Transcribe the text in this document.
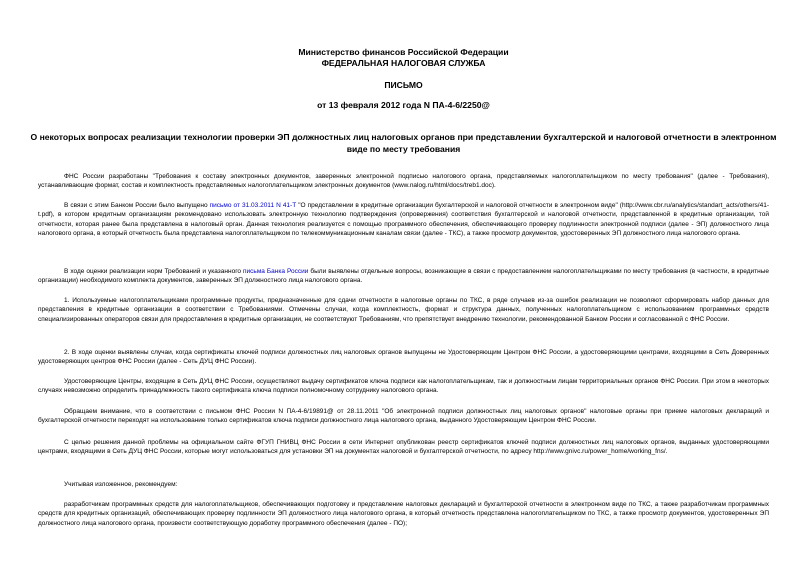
Министерство финансов Российской Федерации
ФЕДЕРАЛЬНАЯ НАЛОГОВАЯ СЛУЖБА
ПИСЬМО
от 13 февраля 2012 года N ПА-4-6/2250@
О некоторых вопросах реализации технологии проверки ЭП должностных лиц налоговых органов при представлении бухгалтерской и налоговой отчетности в электронном виде по месту требования
ФНС России разработаны "Требования к составу электронных документов, заверенных электронной подписью налогового органа, представляемых налогоплательщиком по месту требования" (далее - Требования), устанавливающие формат, состав и комплектность представляемых налогоплательщиком электронных документов (www.nalog.ru/html/docs/treb1.doc).
В связи с этим Банком России было выпущено письмо от 31.03.2011 N 41-Т "О представлении в кредитные организации бухгалтерской и налоговой отчетности в электронном виде" (http://www.cbr.ru/analytics/standart_acts/others/41-t.pdf), в котором кредитным организациям рекомендовано использовать электронную технологию подтверждения (опровержения) соответствия бухгалтерской и налоговой отчетности, представленной в кредитные организации, той отчетности, которая ранее была представлена в налоговый орган. Данная технология реализуется с помощью программного обеспечения, обеспечивающего проверку подлинности электронной подписи (далее - ЭП) должностного лица налогового органа, в который отчетность была представлена налогоплательщиком по телекоммуникационным каналам связи (далее - ТКС), а также просмотр документов, удостоверенных ЭП должностного лица налогового органа.
В ходе оценки реализации норм Требований и указанного письма Банка России были выявлены отдельные вопросы, возникающие в связи с предоставлением налогоплательщиками по месту требования (в частности, в кредитные организации) необходимого комплекта документов, заверенных ЭП должностного лица налогового органа.
1. Используемые налогоплательщиками программные продукты, предназначенные для сдачи отчетности в налоговые органы по ТКС, в ряде случаев из-за ошибок реализации не позволяют сформировать набор данных для представления в кредитные организации в соответствии с Требованиями. Отмечены случаи, когда комплектность, формат и структура данных, полученных налогоплательщиком с использованием программных средств специализированных операторов связи для предоставления в кредитные организации, не соответствуют Требованиям, что препятствует внедрению технологии, рекомендованной Банком России и согласованной с ФНС России.
2. В ходе оценки выявлены случаи, когда сертификаты ключей подписи должностных лиц налоговых органов выпущены не Удостоверяющим Центром ФНС России, а удостоверяющими центрами, входящими в Сеть Доверенных удостоверяющих центров ФНС России (далее - Сеть ДУЦ ФНС России).
Удостоверяющие Центры, входящие в Сеть ДУЦ ФНС России, осуществляют выдачу сертификатов ключа подписи как налогоплательщикам, так и должностным лицам территориальных органов ФНС России. При этом в некоторых случаях невозможно определить принадлежность такого сертификата ключа подписи полномочному сотруднику налогового органа.
Обращаем внимание, что в соответствии с письмом ФНС России N ПА-4-6/19891@ от 28.11.2011 "Об электронной подписи должностных лиц налоговых органов" налоговые органы при приеме налоговых деклараций и бухгалтерской отчетности переходят на использование только сертификатов ключа подписи должностного лица налогового органа, выданного Удостоверяющим Центром ФНС России.
С целью решения данной проблемы на официальном сайте ФГУП ГНИВЦ ФНС России в сети Интернет опубликован реестр сертификатов ключей подписи должностных лиц налоговых органов, выданных удостоверяющими центрами, входящими в Сеть ДУЦ ФНС России, которые могут использоваться для установки ЭП на документах налоговой и бухгалтерской отчетности, по адресу http://www.gnivc.ru/power_home/working_fns/.
Учитывая изложенное, рекомендуем:
разработчикам программных средств для налогоплательщиков, обеспечивающих подготовку и представление налоговых деклараций и бухгалтерской отчетности в электронном виде по ТКС, а также разработчикам программных средств для кредитных организаций, обеспечивающих проверку подлинности ЭП должностного лица налогового органа, в который отчетность представлена налогоплательщиком по ТКС, а также просмотр документов, удостоверенных ЭП должностного лица налогового органа, произвести соответствующую доработку программного обеспечения (далее - ПО);
